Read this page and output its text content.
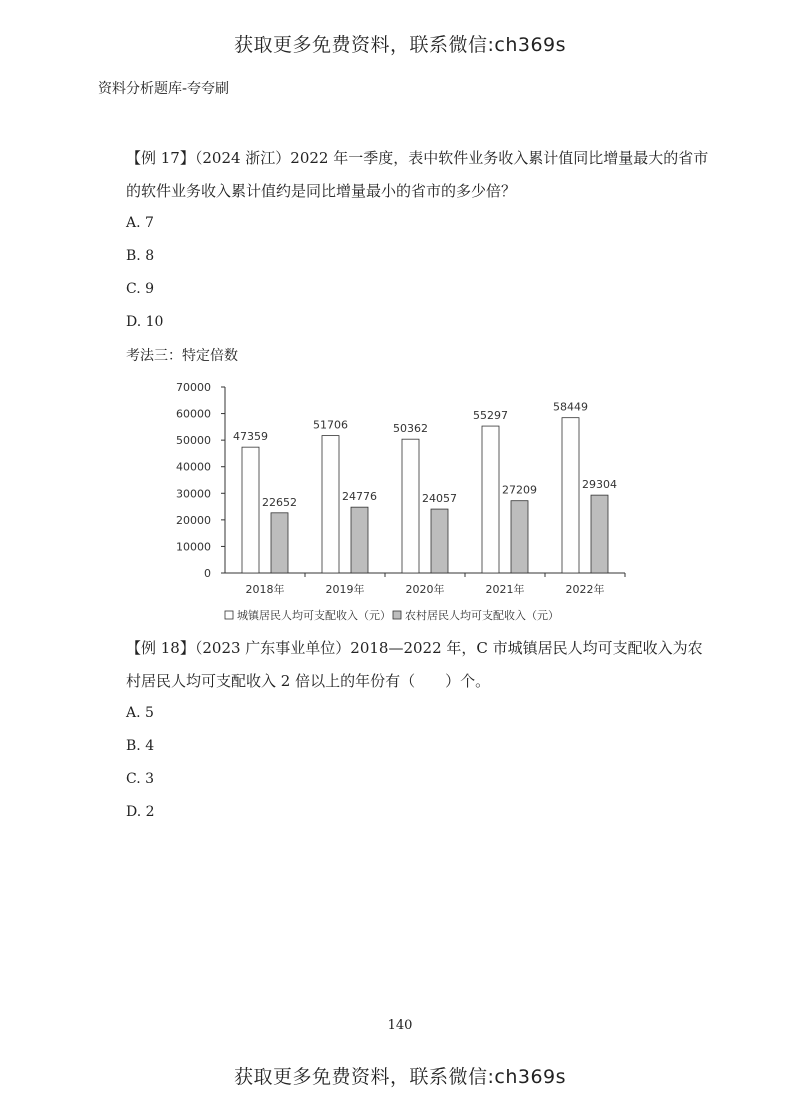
获取更多免费资料，联系微信:ch369s
资料分析题库-夸夸刷
【例 17】（2024 浙江）2022 年一季度，表中软件业务收入累计值同比增量最大的省市的软件业务收入累计值约是同比增量最小的省市的多少倍？
A. 7
B. 8
C. 9
D. 10
考法三：特定倍数
0
10000
20000
30000
40000
50000
60000
70000
47359
22652
51706
24776
50362
24057
55297
27209
58449
29304
2018年	2019年	2020年	2021年	2022年
城镇居民人均可支配收入（元） 农村居民人均可支配收入（元）
【例 18】（2023 广东事业单位）2018—2022 年，C 市城镇居民人均可支配收入为农村居民人均可支配收入 2 倍以上的年份有（　　）个。
A. 5
B. 4
C. 3
D. 2
140
获取更多免费资料，联系微信:ch369s
